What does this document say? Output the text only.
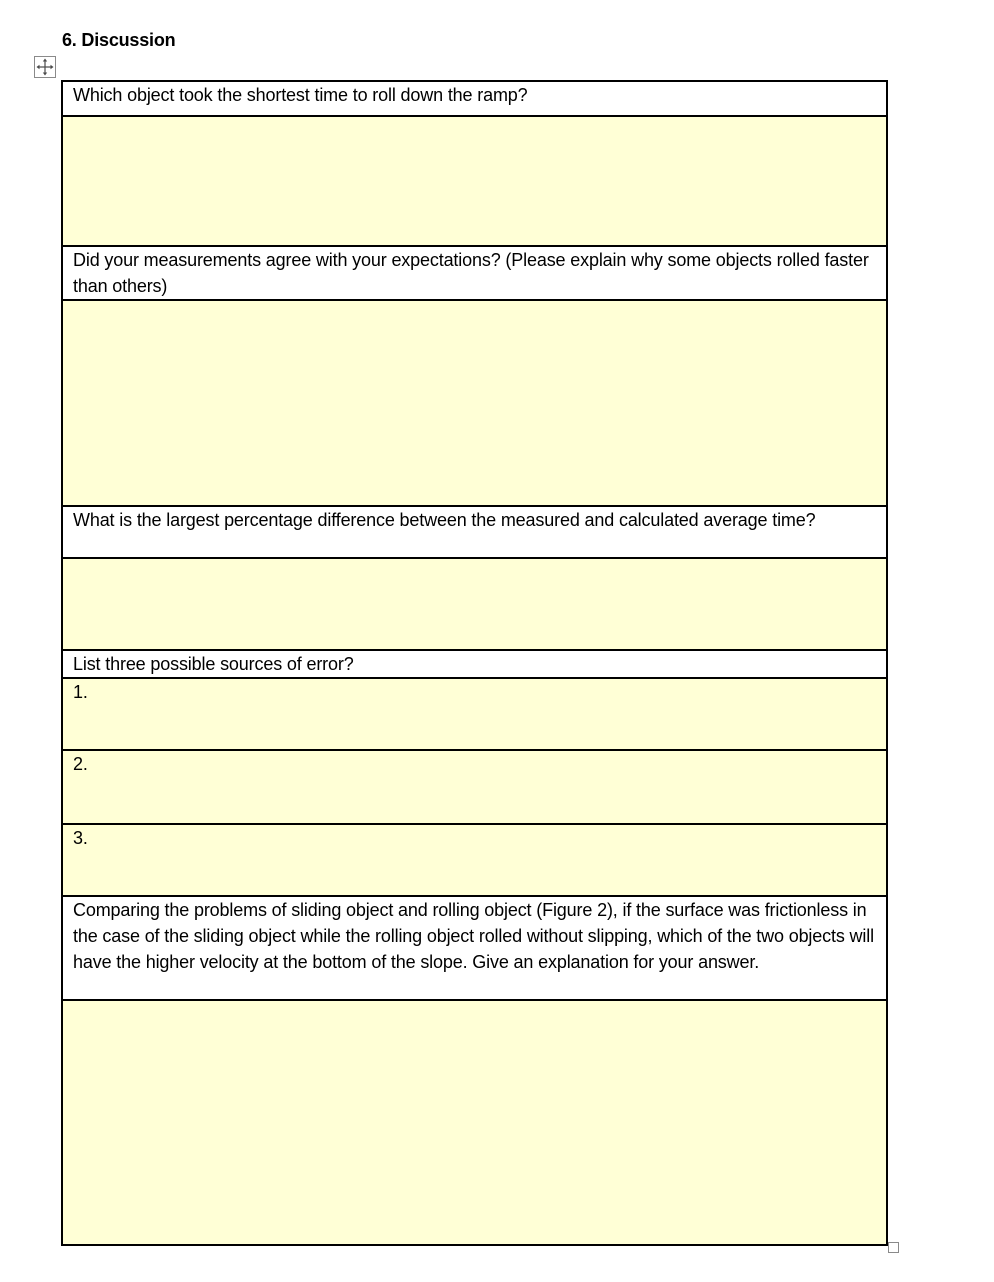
6. Discussion
Which object took the shortest time to roll down the ramp?

Did your measurements agree with your expectations? (Please explain why some objects rolled faster than others)

What is the largest percentage difference between the measured and calculated average time?

List three possible sources of error?
1.
2.
3.
Comparing the problems of sliding object and rolling object (Figure 2), if the surface was frictionless in the case of the sliding object while the rolling object rolled without slipping, which of the two objects will have the higher velocity at the bottom of the slope. Give an explanation for your answer.
